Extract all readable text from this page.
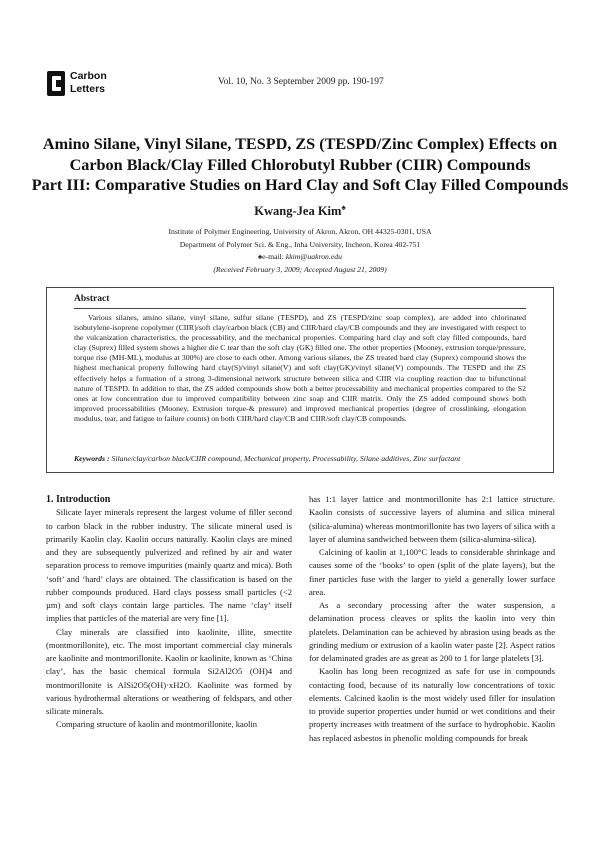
Carbon
Letters
Vol. 10, No. 3 September 2009 pp. 190-197
Amino Silane, Vinyl Silane, TESPD, ZS (TESPD/Zinc Complex) Effects on
Carbon Black/Clay Filled Chlorobutyl Rubber (CIIR) Compounds
Part III: Comparative Studies on Hard Clay and Soft Clay Filled Compounds
Kwang-Jea Kim♠
Institute of Polymer Engineering, University of Akron, Akron, OH 44325-0301, USA
Department of Polymer Sci. & Eng., Inha University, Incheon, Korea 402-751
♠e-mail: kkim@uakron.edu
(Received February 3, 2009; Accepted August 21, 2009)
Abstract
Various silanes, amino silane, vinyl silane, sulfur silane (TESPD), and ZS (TESPD/zinc soap complex), are added into chlorinated isobutylene-isoprene copolymer (CIIR)/soft clay/carbon black (CB) and CIIR/hard clay/CB compounds and they are investigated with respect to the vulcanization characteristics, the processability, and the mechanical properties. Comparing hard clay and soft clay filled compounds, hard clay (Suprex) filled system shows a higher die C tear than the soft clay (GK) filled one. The other properties (Mooney, extrusion torque/pressure, torque rise (MH-ML), modulus at 300%) are close to each other. Among various silanes, the ZS treated hard clay (Suprex) compound shows the highest mechanical property following hard clay(S)/vinyl silane(V) and soft clay(GK)/vinyl silane(V) compounds. The TESPD and the ZS effectively helps a formation of a strong 3-dimensional network structure between silica and CIIR via coupling reaction due to bifunctional nature of TESPD. In addition to that, the ZS added compounds show both a better processability and mechanical properties compared to the S2 ones at low concentration due to improved compatibility between zinc soap and CIIR matrix. Only the ZS added compound shows both improved processabilities (Mooney, Extrusion torque-& pressure) and improved mechanical properties (degree of crosslinking, elongation modulus, tear, and fatigue to failure counts) on both CIIR/hard clay/CB and CIIR/soft clay/CB compounds.
Keywords : Silane/clay/carbon black/CIIR compound, Mechanical property, Processability, Silane additives, Zinc surfactant

1. Introduction

Silicate layer minerals represent the largest volume of filler second to carbon black in the rubber industry. The silicate mineral used is primarily Kaolin clay. Kaolin occurs naturally. Kaolin clays are mined and they are subsequently pulverized and refined by air and water separation process to remove impurities (mainly quartz and mica). Both ‘soft’ and ‘hard’ clays are obtained. The classification is based on the rubber compounds produced. Hard clays possess small particles (<2 µm) and soft clays contain large particles. The name ‘clay’ itself implies that particles of the material are very fine [1].

Clay minerals are classified into kaolinite, illite, smectite (montmorillonite), etc. The most important commercial clay minerals are kaolinite and montmorillonite. Kaolin or kaolinite, known as ‘China clay’, has the basic chemical formula Si2Al2O5 (OH)4 and montmorillonite is AlSi2O5(OH)·xH2O. Kaolinite was formed by various hydrothermal alterations or weathering of feldspars, and other silicate minerals.

Comparing structure of kaolin and montmorillonite, kaolin

has 1:1 layer lattice and montmorillonite has 2:1 lattice structure. Kaolin consists of successive layers of alumina and silica mineral (silica-alumina) whereas montmorillonite has two layers of silica with a layer of alumina sandwiched between them (silica-alumina-silica).

Calcining of kaolin at 1,100°C leads to considerable shrinkage and causes some of the ‘books’ to open (split of the plate layers), but the finer particles fuse with the larger to yield a generally lower surface area.

As a secondary processing after the water suspension, a delamination process cleaves or splits the kaolin into very thin platelets. Delamination can be achieved by abrasion using beads as the grinding medium or extrusion of a kaolin water paste [2]. Aspect ratios for delaminated grades are as great as 200 to 1 for large platelets [3].

Kaolin has long been recognized as safe for use in compounds contacting food, because of its naturally low concentrations of toxic elements. Calcined kaolin is the most widely used filler for insulation to provide superior properties under humid or wet conditions and their property increases with treatment of the surface to hydrophobic. Kaolin has replaced asbestos in phenolic molding compounds for break
